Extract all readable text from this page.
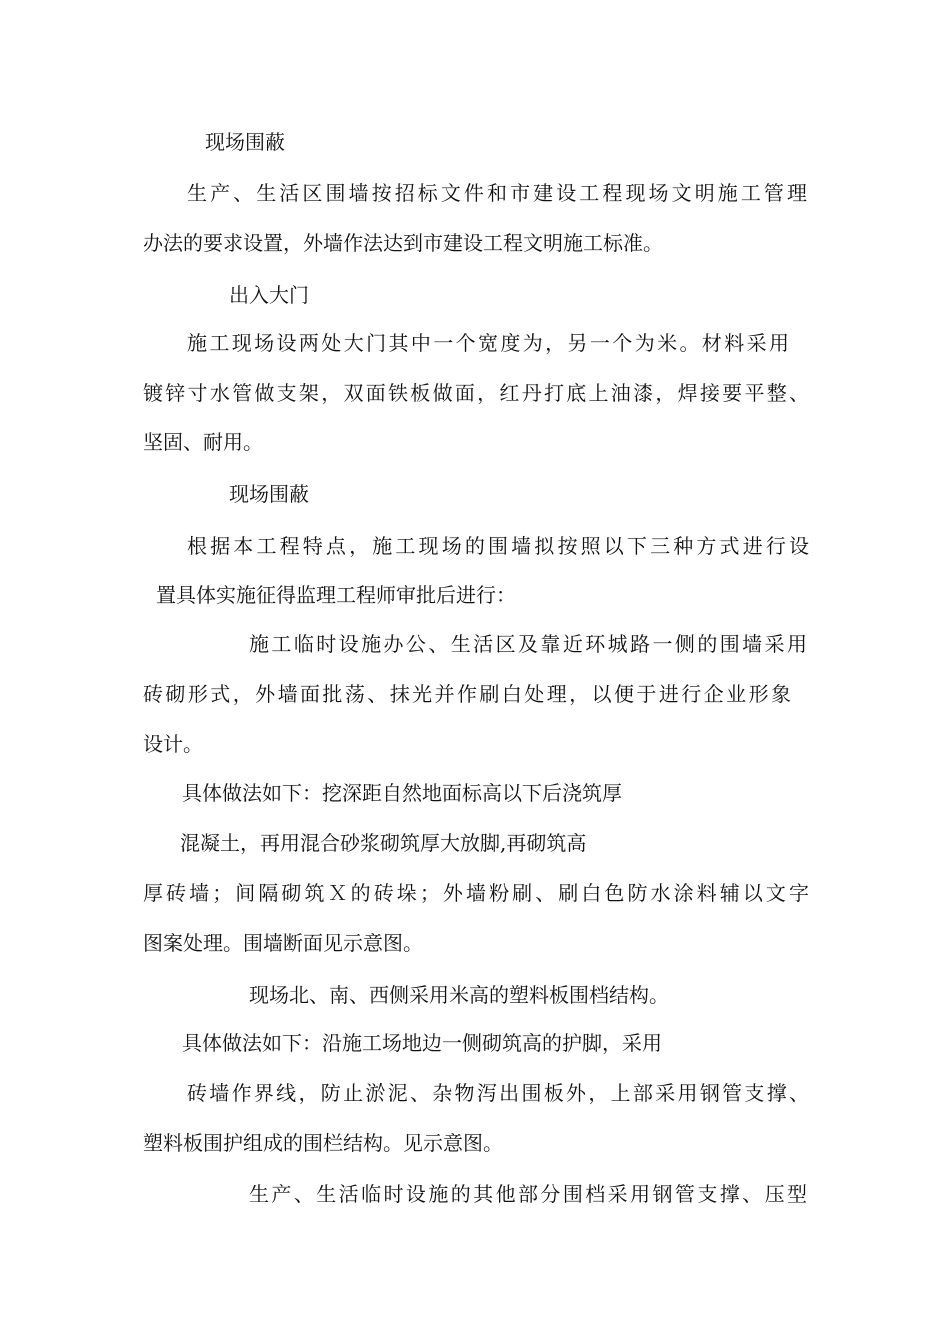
现场围蔽
生产、生活区围墙按招标文件和市建设工程现场文明施工管理
办法的要求设置，外墙作法达到市建设工程文明施工标准。
出入大门
施工现场设两处大门其中一个宽度为，另一个为米。材料采用
镀锌寸水管做支架，双面铁板做面，红丹打底上油漆，焊接要平整、
坚固、耐用。
现场围蔽
根据本工程特点，施工现场的围墙拟按照以下三种方式进行设
置具体实施征得监理工程师审批后进行：
施工临时设施办公、生活区及靠近环城路一侧的围墙采用
砖砌形式，外墙面批荡、抹光并作刷白处理，以便于进行企业形象
设计。
具体做法如下：挖深距自然地面标高以下后浇筑厚
混凝土，再用混合砂浆砌筑厚大放脚,再砌筑高
厚砖墙；间隔砌筑Ｘ的砖垛；外墙粉刷、刷白色防水涂料辅以文字
图案处理。围墙断面见示意图。
现场北、南、西侧采用米高的塑料板围档结构。
具体做法如下：沿施工场地边一侧砌筑高的护脚，采用
砖墙作界线，防止淤泥、杂物泻出围板外，上部采用钢管支撑、
塑料板围护组成的围栏结构。见示意图。
生产、生活临时设施的其他部分围档采用钢管支撑、压型
